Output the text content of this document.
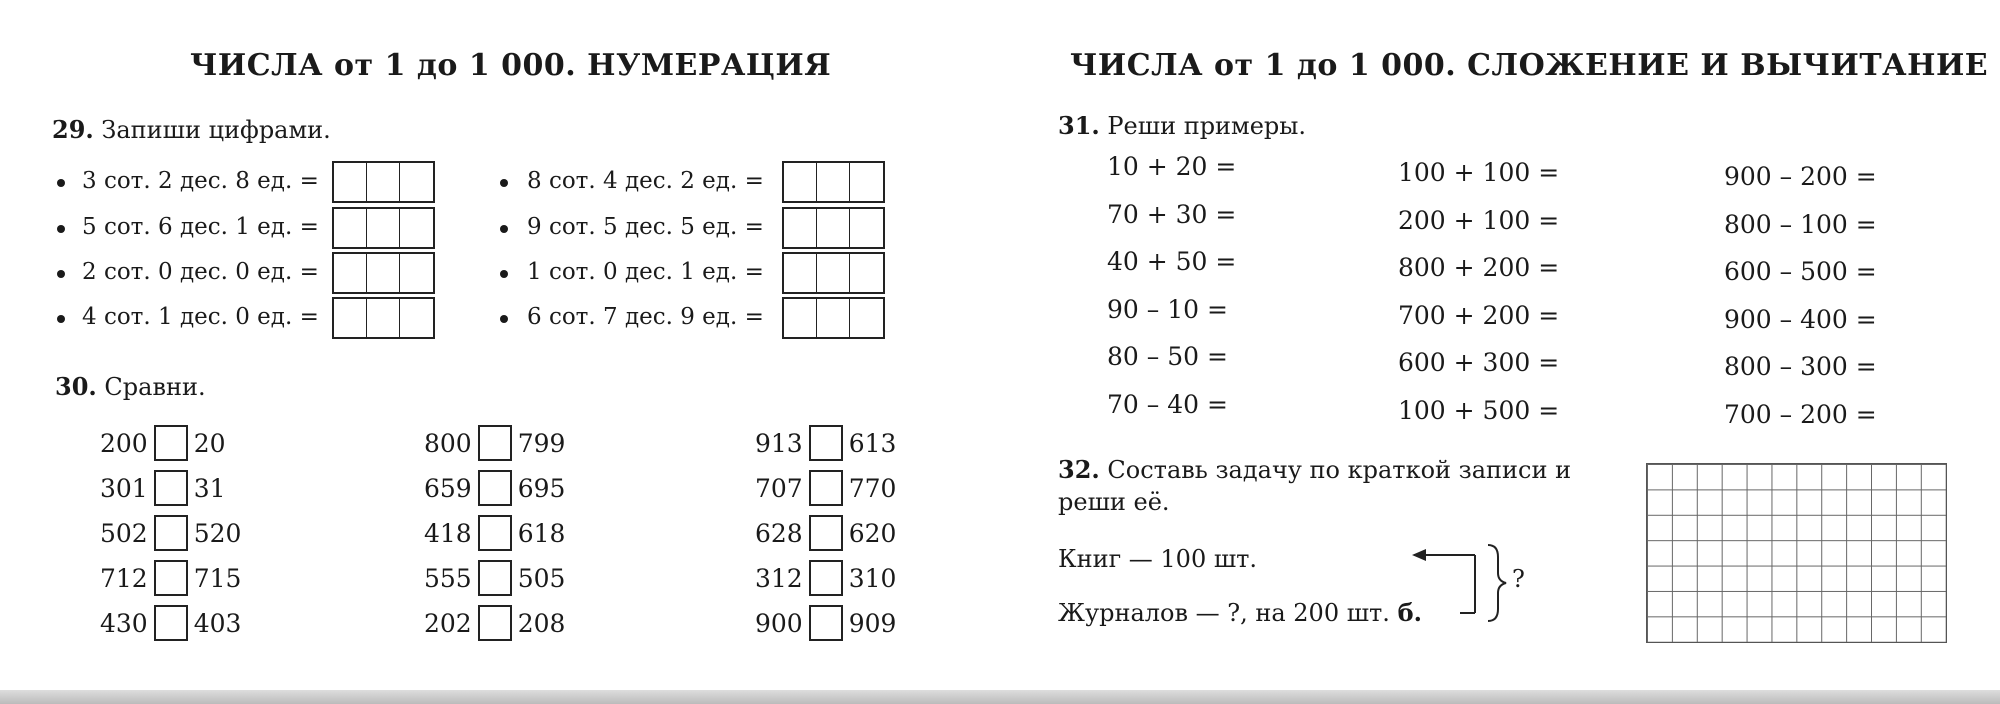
ЧИСЛА от 1 до 1 000. НУМЕРАЦИЯ
29. Запиши цифрами.
3 сот. 2 дес. 8 ед. =
5 сот. 6 дес. 1 ед. =
2 сот. 0 дес. 0 ед. =
4 сот. 1 дес. 0 ед. =
8 сот. 4 дес. 2 ед. =
9 сот. 5 дес. 5 ед. =
1 сот. 0 дес. 1 ед. =
6 сот. 7 дес. 9 ед. =
30. Сравни.
200 20
301 31
502 520
712 715
430 403
800 799
659 695
418 618
555 505
202 208
913 613
707 770
628 620
312 310
900 909
ЧИСЛА от 1 до 1 000. СЛОЖЕНИЕ И ВЫЧИТАНИЕ
31. Реши примеры.
10 + 20 =
70 + 30 =
40 + 50 =
90 – 10 =
80 – 50 =
70 – 40 =
100 + 100 =
200 + 100 =
800 + 200 =
700 + 200 =
600 + 300 =
100 + 500 =
900 – 200 =
800 – 100 =
600 – 500 =
900 – 400 =
800 – 300 =
700 – 200 =
32. Составь задачу по краткой записи и
реши её.
Книг — 100 шт.
Журналов — ?, на 200 шт. б.
?
